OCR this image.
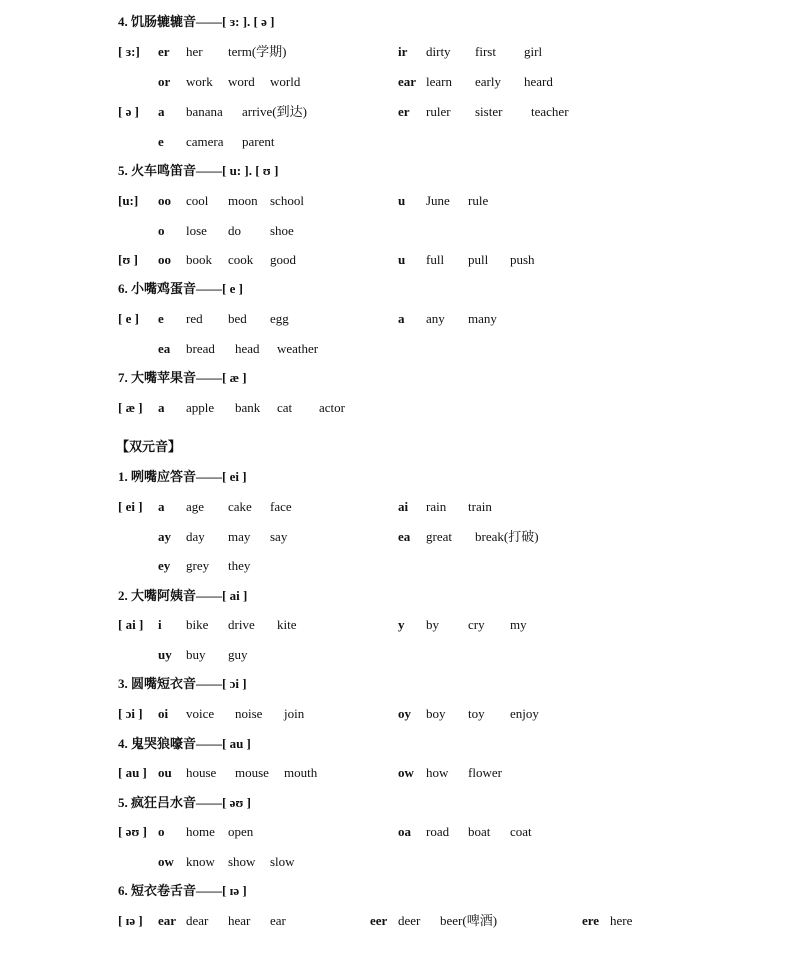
4. 饥肠辘辘音——[ ɜ: ]. [ ə ]
[ ɜ:] er her term(学期)	ir dirty first girl
or work word world	ear learn early heard
[ ə ] a banana arrive(到达)	er ruler sister teacher
e camera parent
5. 火车鸣笛音——[ u: ]. [ ʊ ]
[u:] oo cool moon school	u June rule
o lose do shoe
[ʊ ] oo book cook good	u full pull push
6. 小嘴鸡蛋音——[ e ]
[ e ] e red bed egg	a any many
ea bread head weather
7. 大嘴苹果音——[ æ ]
[ æ ] a apple bank cat actor
【双元音】
1. 咧嘴应答音——[ ei ]
[ ei ] a age cake face	ai rain train
ay day may say	ea great break(打破)
ey grey they
2. 大嘴阿姨音——[ ai ]
[ ai ] i bike drive kite	y by cry my
uy buy guy
3. 圆嘴短衣音——[ ɔi ]
[ ɔi ] oi voice noise join	oy boy toy enjoy
4. 鬼哭狼嚎音——[ au ]
[ au ] ou house mouse mouth	ow how flower
5. 疯狂吕水音——[ əʊ ]
[ əʊ ] o home open	oa road boat coat
ow know show slow
6. 短衣卷舌音——[ ɪə ]
[ ɪə ] ear dear hear ear	eer deer beer(啤酒)	ere here
